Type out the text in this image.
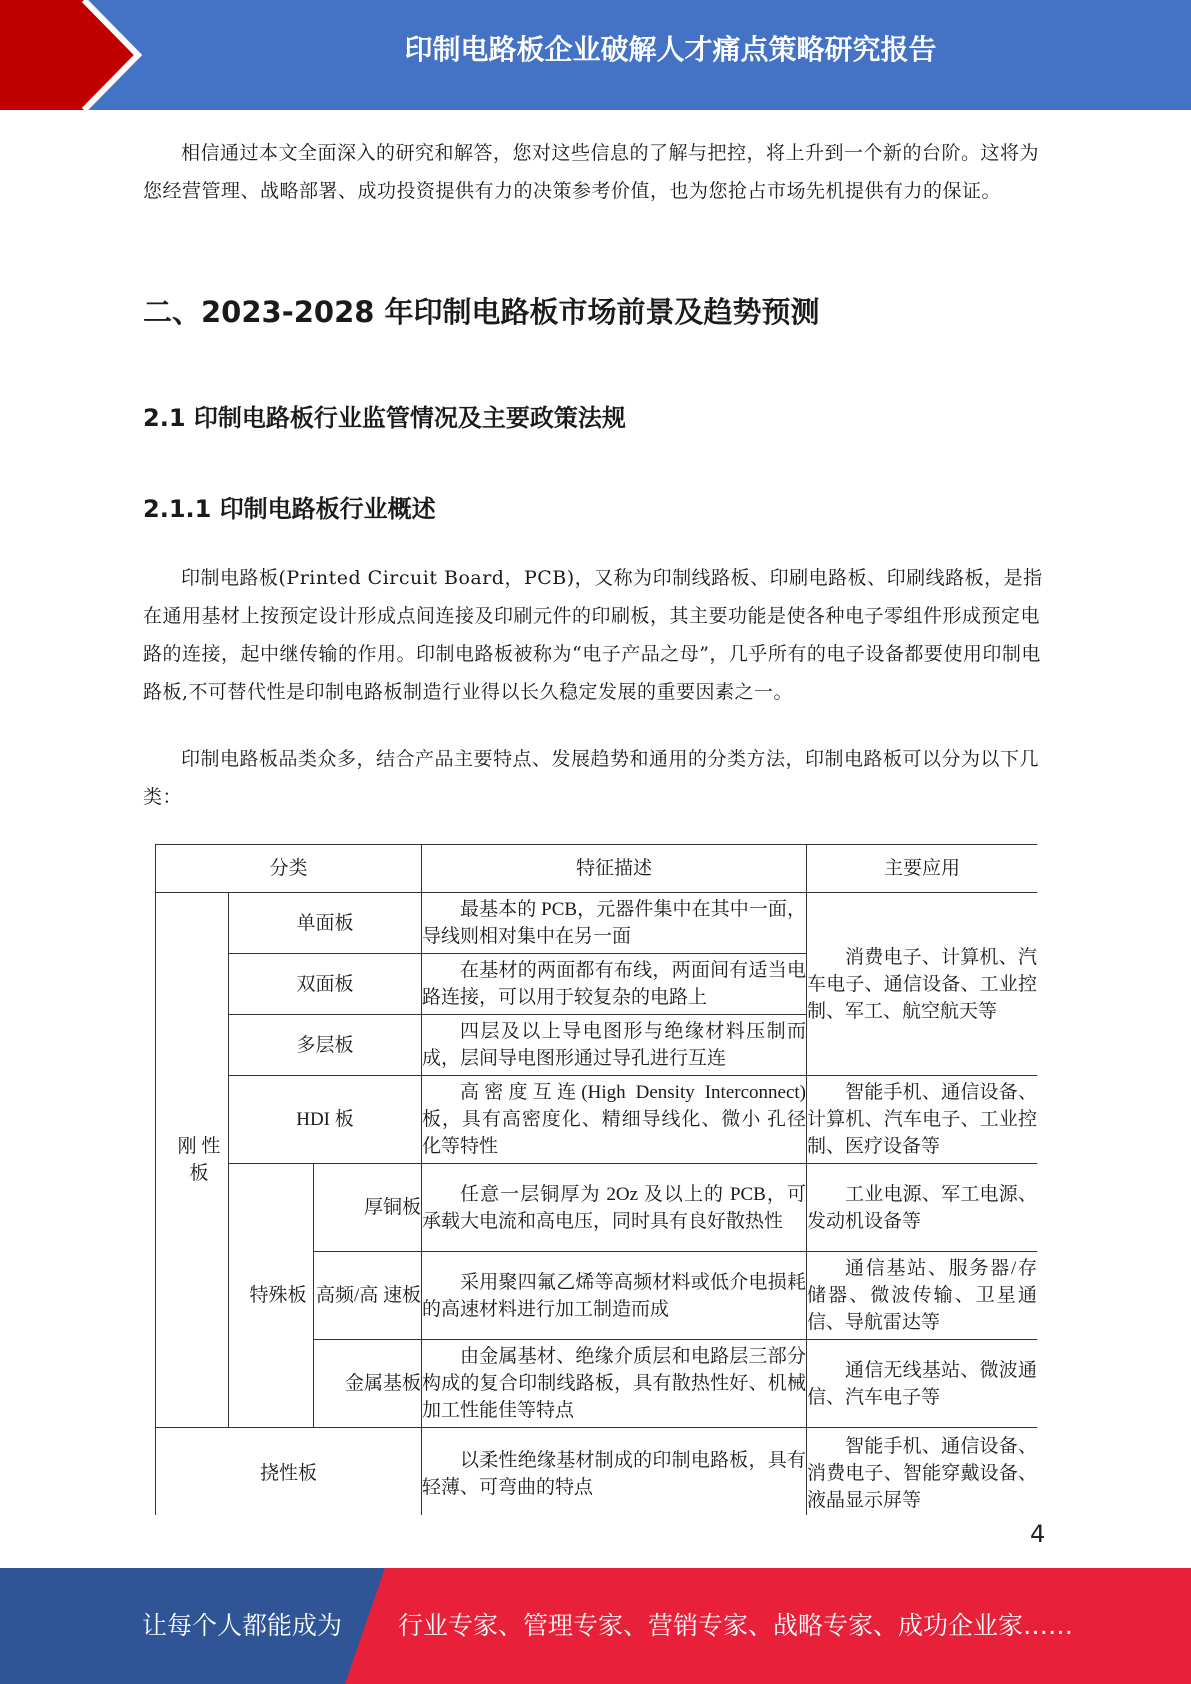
印制电路板企业破解人才痛点策略研究报告

相信通过本文全面深入的研究和解答，您对这些信息的了解与把控，将上升到一个新的台阶。这将为您经营管理、战略部署、成功投资提供有力的决策参考价值，也为您抢占市场先机提供有力的保证。

二、2023-2028 年印制电路板市场前景及趋势预测
2.1 印制电路板行业监管情况及主要政策法规
2.1.1 印制电路板行业概述

印制电路板(Printed Circuit Board，PCB)，又称为印制线路板、印刷电路板、印刷线路板，是指在通用基材上按预定设计形成点间连接及印刷元件的印刷板，其主要功能是使各种电子零组件形成预定电路的连接，起中继传输的作用。印制电路板被称为“电子产品之母”，几乎所有的电子设备都要使用印制电路板,不可替代性是印制电路板制造行业得以长久稳定发展的重要因素之一。

印制电路板品类众多，结合产品主要特点、发展趋势和通用的分类方法，印制电路板可以分为以下几类：

分类			特征描述	主要应用
刚 性 板	单面板		最基本的 PCB，元器件集中在其中一面， 导线则相对集中在另一面	消费电子、计算机、汽 车电子、通信设备、工业控制、军工、航空航天等
	双面板		在基材的两面都有布线，两面间有适当电路连接，可以用于较复杂的电路上	
	多层板		四层及以上导电图形与绝缘材料压制而成，层间导电图形通过导孔进行互连	
	HDI 板		高密度互连(High Density Interconnect)板，具有高密度化、精细导线化、微小 孔径化等特性	智能手机、通信设备、计算机、汽车电子、工业控制、医疗设备等
	特殊板	厚铜板	任意一层铜厚为 2Oz 及以上的 PCB，可 承载大电流和高电压，同时具有良好散热性	工业电源、军工电源、发动机设备等
		高频/高 速板	采用聚四氟乙烯等高频材料或低介电损耗的高速材料进行加工制造而成	通信基站、服务器/存储器、微波传输、卫星通信、导航雷达等
		金属基板	由金属基材、绝缘介质层和电路层三部分构成的复合印制线路板，具有散热性好、机械加工性能佳等特点	通信无线基站、微波通 信、汽车电子等
挠性板			以柔性绝缘基材制成的印制电路板，具有轻薄、可弯曲的特点	智能手机、通信设备、消费电子、智能穿戴设备、液晶显示屏等
4
让每个人都能成为 行业专家、管理专家、营销专家、战略专家、成功企业家……
